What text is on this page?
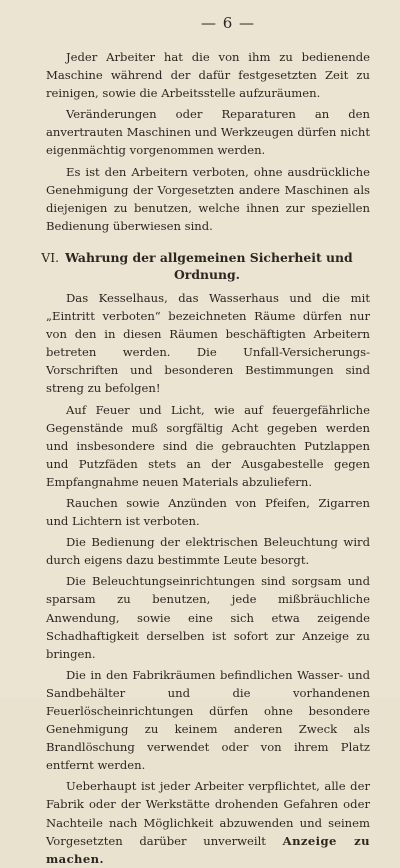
— 6 —

Jeder Arbeiter hat die von ihm zu bedienende Maschine während der dafür festgesetzten Zeit zu reinigen, sowie die Arbeitsstelle aufzuräumen.

Veränderungen oder Reparaturen an den anvertrauten Maschinen und Werkzeugen dürfen nicht eigenmächtig vorgenommen werden.

Es ist den Arbeitern verboten, ohne ausdrückliche Genehmigung der Vorgesetzten andere Maschinen als diejenigen zu benutzen, welche ihnen zur speziellen Bedienung überwiesen sind.

VI. Wahrung der allgemeinen Sicherheit und
Ordnung.

Das Kesselhaus, das Wasserhaus und die mit „Eintritt verboten“ bezeichneten Räume dürfen nur von den in diesen Räumen beschäftigten Arbeitern betreten werden. Die Unfall-Versicherungs-Vorschriften und besonderen Bestimmungen sind streng zu befolgen!

Auf Feuer und Licht, wie auf feuergefährliche Gegenstände muß sorgfältig Acht gegeben werden und insbesondere sind die gebrauchten Putzlappen und Putzfäden stets an der Ausgabestelle gegen Empfangnahme neuen Materials abzuliefern.

Rauchen sowie Anzünden von Pfeifen, Zigarren und Lichtern ist verboten.

Die Bedienung der elektrischen Beleuchtung wird durch eigens dazu bestimmte Leute besorgt.

Die Beleuchtungseinrichtungen sind sorgsam und sparsam zu benutzen, jede mißbräuchliche Anwendung, sowie eine sich etwa zeigende Schadhaftigkeit derselben ist sofort zur Anzeige zu bringen.

Die in den Fabrikräumen befindlichen Wasser- und Sandbehälter und die vorhandenen Feuerlöscheinrichtungen dürfen ohne besondere Genehmigung zu keinem anderen Zweck als Brandlöschung verwendet oder von ihrem Platz entfernt werden.

Ueberhaupt ist jeder Arbeiter verpflichtet, alle der Fabrik oder der Werkstätte drohenden Gefahren oder Nachteile nach Möglichkeit abzuwenden und seinem Vorgesetzten darüber unverweilt Anzeige zu machen.
